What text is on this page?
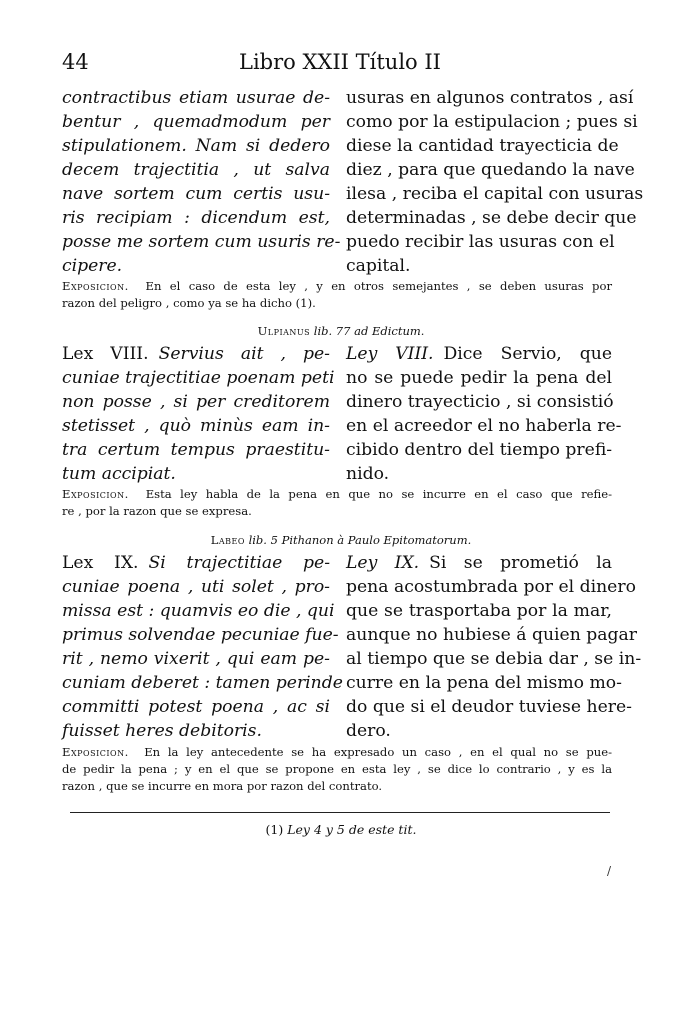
44	Libro XXII Título II
contractibus etiam usurae de-
bentur , quemadmodum per
stipulationem. Nam si dedero
decem trajectitia , ut salva
nave sortem cum certis usu-
ris recipiam : dicendum est,
posse me sortem cum usuris re-
cipere.
usuras en algunos contratos , así
como por la estipulacion ; pues si
diese la cantidad trayecticia de
diez , para que quedando la nave
ilesa , reciba el capital con usuras
determinadas , se debe decir que
puedo recibir las usuras con el
capital.
Exposicion. En el caso de esta ley , y en otros semejantes , se deben usuras por
razon del peligro , como ya se ha dicho (1).
Ulpianus lib. 77 ad Edictum.
Lex VIII. Servius ait , pe-
cuniae trajectitiae poenam peti
non posse , si per creditorem
stetisset , quò minùs eam in-
tra certum tempus praestitu-
tum accipiat.
Ley VIII. Dice Servio, que
no se puede pedir la pena del
dinero trayecticio , si consistió
en el acreedor el no haberla re-
cibido dentro del tiempo prefi-
nido.
Exposicion. Esta ley habla de la pena en que no se incurre en el caso que refie-
re , por la razon que se expresa.
Labeo lib. 5 Pithanon à Paulo Epitomatorum.
Lex IX. Si trajectitiae pe-
cuniae poena , uti solet , pro-
missa est : quamvis eo die , qui
primus solvendae pecuniae fue-
rit , nemo vixerit , qui eam pe-
cuniam deberet : tamen perinde
committi potest poena , ac si
fuisset heres debitoris.
Ley IX. Si se prometió la
pena acostumbrada por el dinero
que se trasportaba por la mar,
aunque no hubiese á quien pagar
al tiempo que se debia dar , se in-
curre en la pena del mismo mo-
do que si el deudor tuviese here-
dero.
Exposicion. En la ley antecedente se ha expresado un caso , en el qual no se pue-
de pedir la pena ; y en el que se propone en esta ley , se dice lo contrario , y es la
razon , que se incurre en mora por razon del contrato.
(1) Ley 4 y 5 de este tit.
/
